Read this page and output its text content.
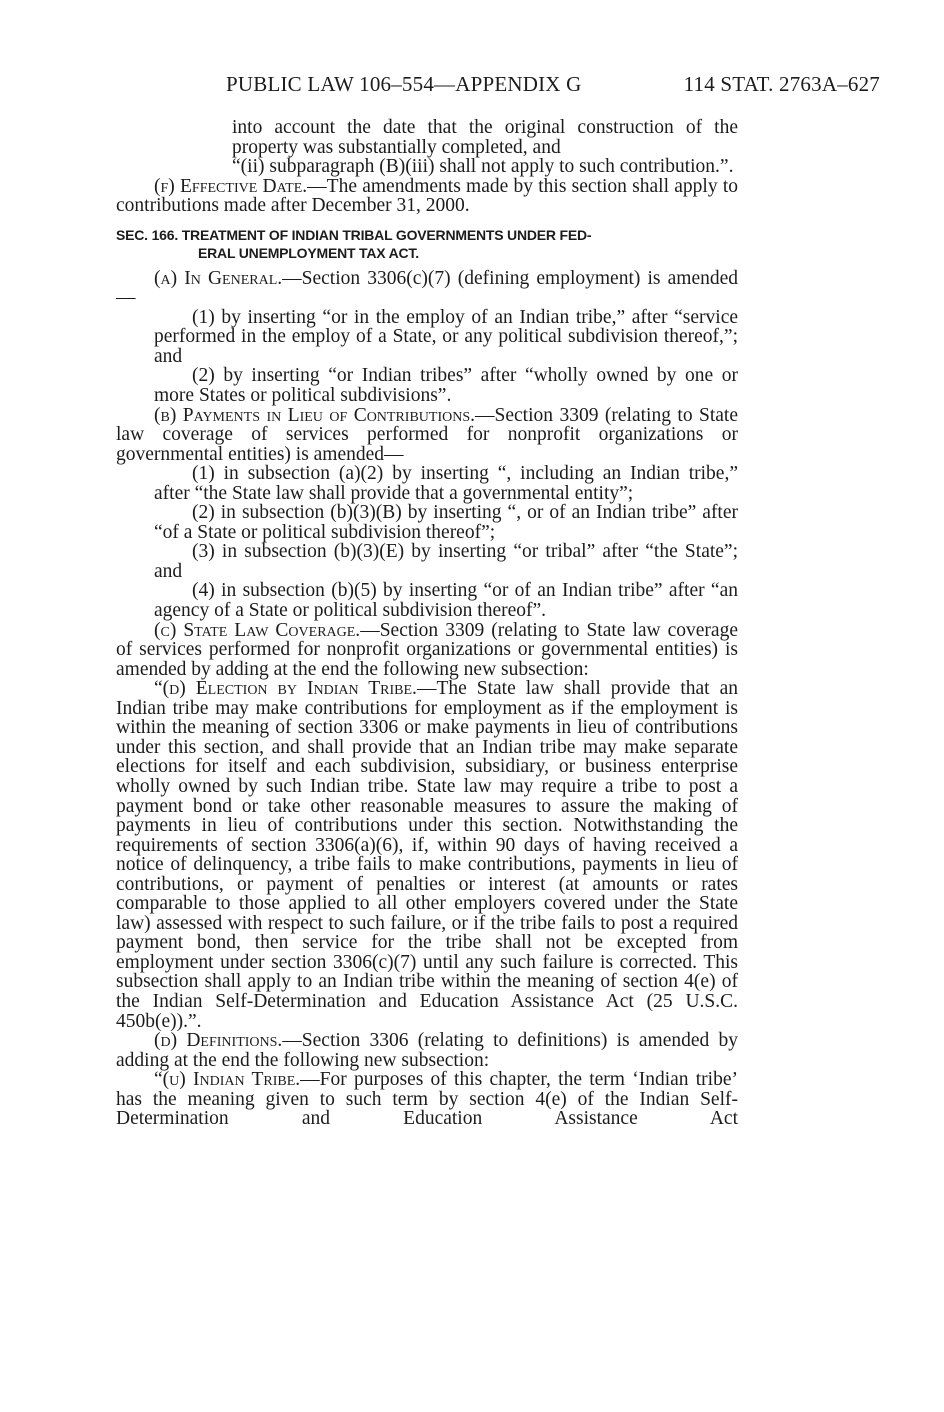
PUBLIC LAW 106–554—APPENDIX G	114 STAT. 2763A–627

into account the date that the original construction of the property was substantially completed, and

“(ii) subparagraph (B)(iii) shall not apply to such contribution.”.

(f) Effective Date.—The amendments made by this section shall apply to contributions made after December 31, 2000.

SEC. 166. TREATMENT OF INDIAN TRIBAL GOVERNMENTS UNDER FED-
ERAL UNEMPLOYMENT TAX ACT.

(a) In General.—Section 3306(c)(7) (defining employment) is amended—

(1) by inserting “or in the employ of an Indian tribe,” after “service performed in the employ of a State, or any political subdivision thereof,”; and

(2) by inserting “or Indian tribes” after “wholly owned by one or more States or political subdivisions”.

(b) Payments in Lieu of Contributions.—Section 3309 (relating to State law coverage of services performed for nonprofit organizations or governmental entities) is amended—

(1) in subsection (a)(2) by inserting “, including an Indian tribe,” after “the State law shall provide that a governmental entity”;

(2) in subsection (b)(3)(B) by inserting “, or of an Indian tribe” after “of a State or political subdivision thereof”;

(3) in subsection (b)(3)(E) by inserting “or tribal” after “the State”; and

(4) in subsection (b)(5) by inserting “or of an Indian tribe” after “an agency of a State or political subdivision thereof”.

(c) State Law Coverage.—Section 3309 (relating to State law coverage of services performed for nonprofit organizations or governmental entities) is amended by adding at the end the following new subsection:

“(d) Election by Indian Tribe.—The State law shall provide that an Indian tribe may make contributions for employment as if the employment is within the meaning of section 3306 or make payments in lieu of contributions under this section, and shall provide that an Indian tribe may make separate elections for itself and each subdivision, subsidiary, or business enterprise wholly owned by such Indian tribe. State law may require a tribe to post a payment bond or take other reasonable measures to assure the making of payments in lieu of contributions under this section. Notwithstanding the requirements of section 3306(a)(6), if, within 90 days of having received a notice of delinquency, a tribe fails to make contributions, payments in lieu of contributions, or payment of penalties or interest (at amounts or rates comparable to those applied to all other employers covered under the State law) assessed with respect to such failure, or if the tribe fails to post a required payment bond, then service for the tribe shall not be excepted from employment under section 3306(c)(7) until any such failure is corrected. This subsection shall apply to an Indian tribe within the meaning of section 4(e) of the Indian Self-Determination and Education Assistance Act (25 U.S.C. 450b(e)).”.

(d) Definitions.—Section 3306 (relating to definitions) is amended by adding at the end the following new subsection:

“(u) Indian Tribe.—For purposes of this chapter, the term ‘Indian tribe’ has the meaning given to such term by section 4(e) of the Indian Self-Determination and Education Assistance Act
